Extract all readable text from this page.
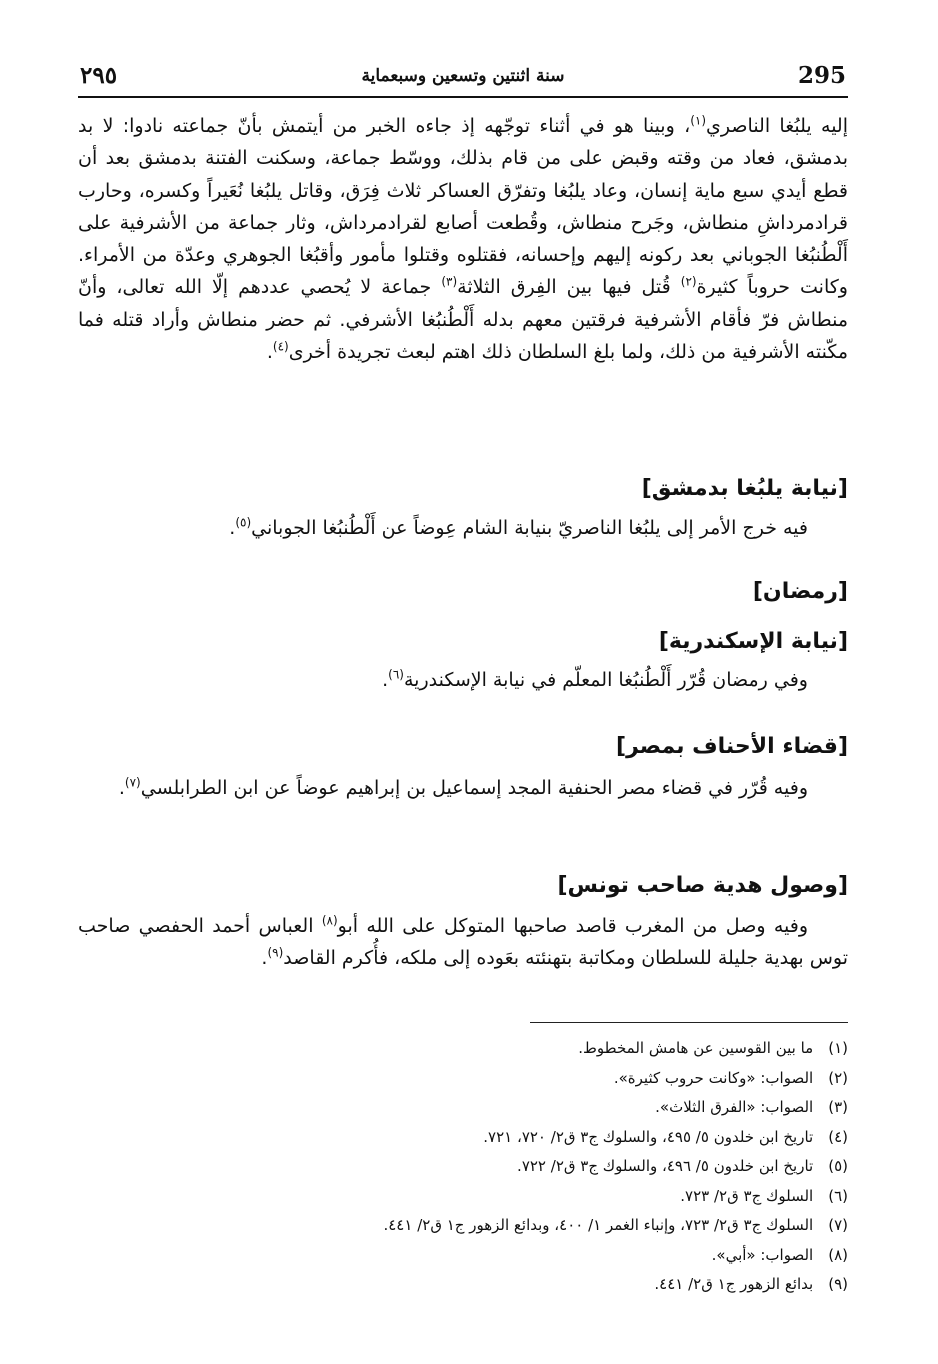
٢٩٥	سنة اثنتين وتسعين وسبعماية	295

إليه يلبُغا الناصري$^{(١)}$، وبينا هو في أثناء توجّهه إذ جاءه الخبر من أيتمش بأنّ جماعته نادوا: لا بد بدمشق، فعاد من وقته وقبض على من قام بذلك، ووسّط جماعة، وسكنت الفتنة بدمشق بعد أن قطع أيدي سبع ماية إنسان، وعاد يلبُغا وتفرّق العساكر ثلاث فِرَق، وقاتل يلبُغا نُعَيراً وكسره، وحارب قرادمرداشِ منطاش، وجَرح منطاش، وقُطعت أصابع لقرادمرداش، وثار جماعة من الأشرفية على أَلْطُنبُغا الجوباني بعد ركونه إليهم وإحسانه، فقتلوه وقتلوا مأمور وأقبُغا الجوهري وعدّة من الأمراء. وكانت حروباً كثيرة$^{(٢)}$ قُتل فيها بين الفِرق الثلاثة$^{(٣)}$ جماعة لا يُحصي عددهم إلّا الله تعالى، وأنّ منطاش فرّ فأقام الأشرفية فرقتين معهم بدله أَلْطُنبُغا الأشرفي. ثم حضر منطاش وأراد قتله فما مكّنته الأشرفية من ذلك، ولما بلغ السلطان ذلك اهتم لبعث تجريدة أخرى$^{(٤)}$.

[نيابة يلبُغا بدمشق]

فيه خرج الأمر إلى يلبُغا الناصريّ بنيابة الشام عِوضاً عن أَلْطُنبُغا الجوباني$^{(٥)}$.

[رمضان]

[نيابة الإسكندرية]

وفي رمضان قُرّر أَلْطُنبُغا المعلّم في نيابة الإسكندرية$^{(٦)}$.

[قضاء الأحناف بمصر]

وفيه قُرّر في قضاء مصر الحنفية المجد إسماعيل بن إبراهيم عوضاً عن ابن الطرابلسي$^{(٧)}$.

[وصول هدية صاحب تونس]

وفيه وصل من المغرب قاصد صاحبها المتوكل على الله أبو$^{(٨)}$ العباس أحمد الحفصي صاحب توس بهدية جليلة للسلطان ومكاتبة بتهنئته بعَوده إلى ملكه، فأُكرم القاصد$^{(٩)}$.

(١) ما بين القوسين عن هامش المخطوط.
(٢) الصواب: «وكانت حروب كثيرة».
(٣) الصواب: «الفرق الثلاث».
(٤) تاريخ ابن خلدون ٥/ ٤٩٥، والسلوك ج٣ ق٢/ ٧٢٠، ٧٢١.
(٥) تاريخ ابن خلدون ٥/ ٤٩٦، والسلوك ج٣ ق٢/ ٧٢٢.
(٦) السلوك ج٣ ق٢/ ٧٢٣.
(٧) السلوك ج٣ ق٢/ ٧٢٣، وإنباء الغمر ١/ ٤٠٠، وبدائع الزهور ج١ ق٢/ ٤٤١.
(٨) الصواب: «أبي».
(٩) بدائع الزهور ج١ ق٢/ ٤٤١.
